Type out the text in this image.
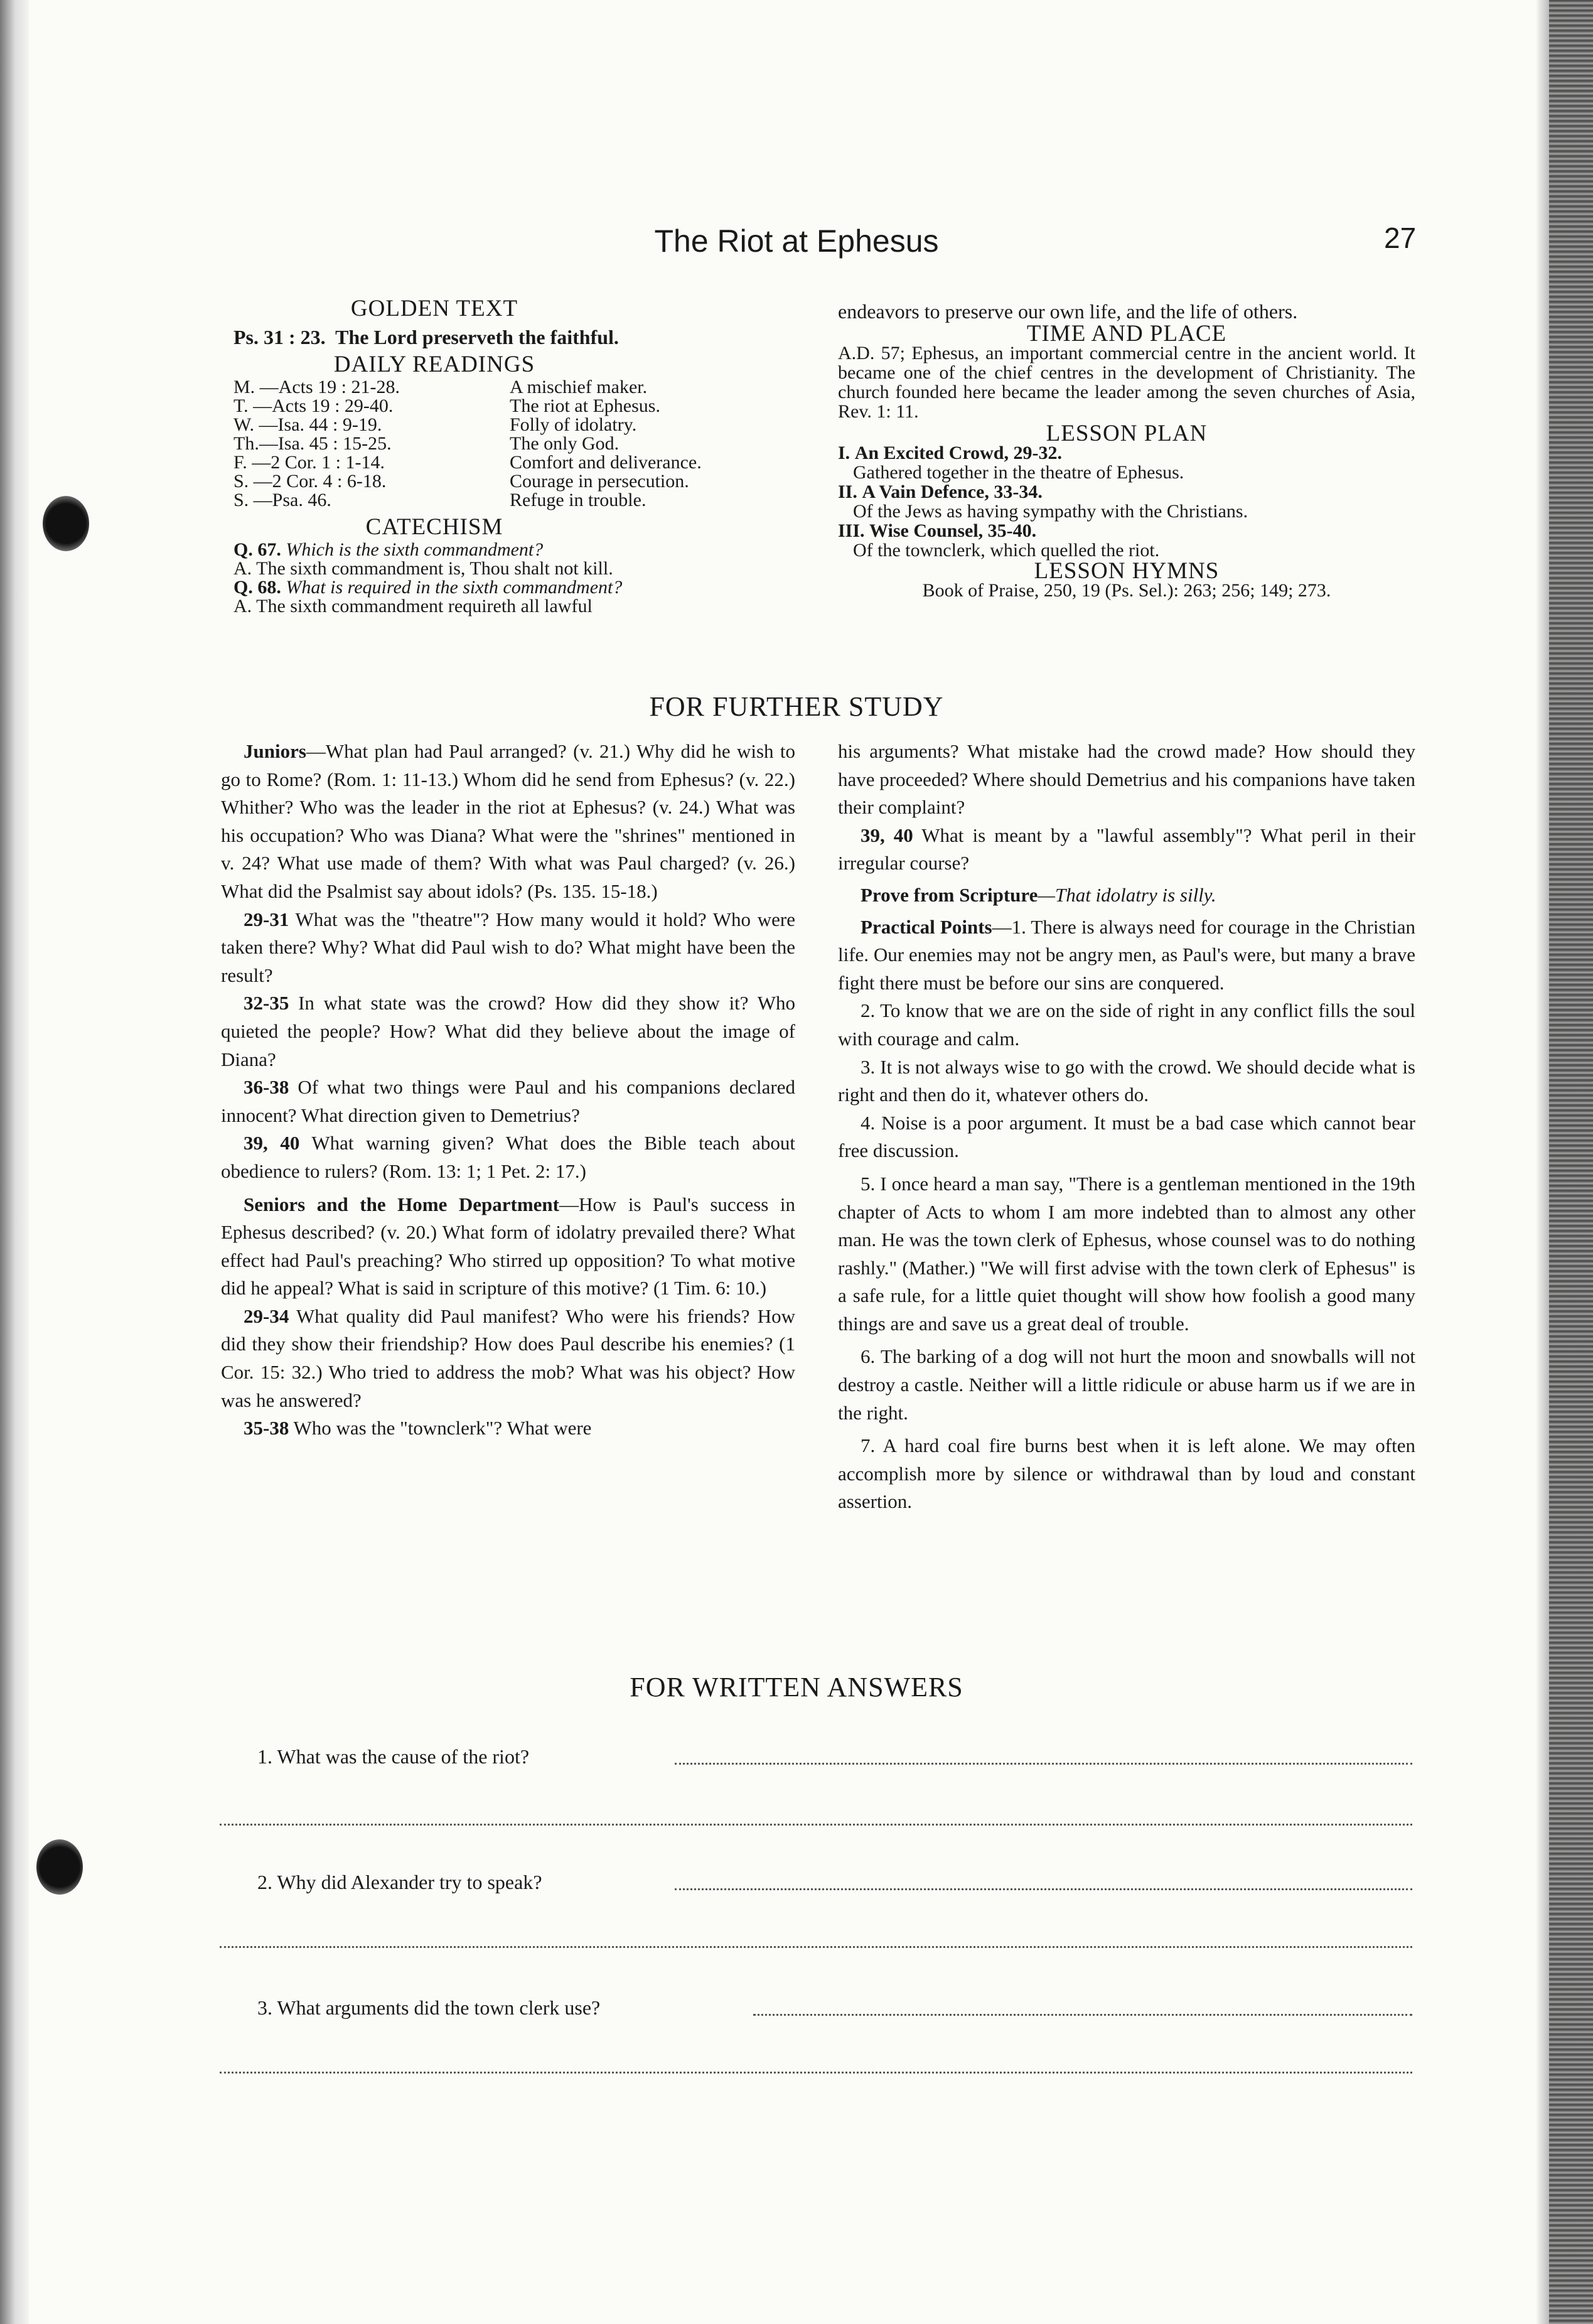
The Riot at Ephesus	27
GOLDEN TEXT
Ps. 31 : 23. The Lord preserveth the faithful.
DAILY READINGS
M. —Acts 19 : 21-28.	A mischief maker.
T. —Acts 19 : 29-40.	The riot at Ephesus.
W. —Isa. 44 : 9-19.	Folly of idolatry.
Th.—Isa. 45 : 15-25.	The only God.
F. —2 Cor. 1 : 1-14.	Comfort and deliverance.
S. —2 Cor. 4 : 6-18.	Courage in persecution.
S. —Psa. 46.	Refuge in trouble.
CATECHISM
Q. 67. Which is the sixth commandment?
A. The sixth commandment is, Thou shalt not kill.
Q. 68. What is required in the sixth commandment?
A. The sixth commandment requireth all lawful
endeavors to preserve our own life, and the life of others.
TIME AND PLACE
A.D. 57; Ephesus, an important commercial centre in the ancient world. It became one of the chief centres in the development of Christianity. The church founded here became the leader among the seven churches of Asia, Rev. 1: 11.
LESSON PLAN
I. An Excited Crowd, 29-32.
Gathered together in the theatre of Ephesus.
II. A Vain Defence, 33-34.
Of the Jews as having sympathy with the Christians.
III. Wise Counsel, 35-40.
Of the townclerk, which quelled the riot.
LESSON HYMNS
Book of Praise, 250, 19 (Ps. Sel.): 263; 256; 149; 273.
FOR FURTHER STUDY

Juniors—What plan had Paul arranged? (v. 21.) Why did he wish to go to Rome? (Rom. 1: 11-13.) Whom did he send from Ephesus? (v. 22.) Whither? Who was the leader in the riot at Ephesus? (v. 24.) What was his occupation? Who was Diana? What were the "shrines" mentioned in v. 24? What use made of them? With what was Paul charged? (v. 26.) What did the Psalmist say about idols? (Ps. 135. 15-18.)

29-31 What was the "theatre"? How many would it hold? Who were taken there? Why? What did Paul wish to do? What might have been the result?

32-35 In what state was the crowd? How did they show it? Who quieted the people? How? What did they believe about the image of Diana?

36-38 Of what two things were Paul and his companions declared innocent? What direction given to Demetrius?

39, 40 What warning given? What does the Bible teach about obedience to rulers? (Rom. 13: 1; 1 Pet. 2: 17.)

Seniors and the Home Department—How is Paul's success in Ephesus described? (v. 20.) What form of idolatry prevailed there? What effect had Paul's preaching? Who stirred up opposition? To what motive did he appeal? What is said in scripture of this motive? (1 Tim. 6: 10.)

29-34 What quality did Paul manifest? Who were his friends? How did they show their friendship? How does Paul describe his enemies? (1 Cor. 15: 32.) Who tried to address the mob? What was his object? How was he answered?

35-38 Who was the "townclerk"? What were

his arguments? What mistake had the crowd made? How should they have proceeded? Where should Demetrius and his companions have taken their complaint?

39, 40 What is meant by a "lawful assembly"? What peril in their irregular course?

Prove from Scripture—That idolatry is silly.

Practical Points—1. There is always need for courage in the Christian life. Our enemies may not be angry men, as Paul's were, but many a brave fight there must be before our sins are conquered.

2. To know that we are on the side of right in any conflict fills the soul with courage and calm.

3. It is not always wise to go with the crowd. We should decide what is right and then do it, whatever others do.

4. Noise is a poor argument. It must be a bad case which cannot bear free discussion.

5. I once heard a man say, "There is a gentleman mentioned in the 19th chapter of Acts to whom I am more indebted than to almost any other man. He was the town clerk of Ephesus, whose counsel was to do nothing rashly." (Mather.) "We will first advise with the town clerk of Ephesus" is a safe rule, for a little quiet thought will show how foolish a good many things are and save us a great deal of trouble.

6. The barking of a dog will not hurt the moon and snowballs will not destroy a castle. Neither will a little ridicule or abuse harm us if we are in the right.

7. A hard coal fire burns best when it is left alone. We may often accomplish more by silence or withdrawal than by loud and constant assertion.

FOR WRITTEN ANSWERS
1. What was the cause of the riot?
2. Why did Alexander try to speak?
3. What arguments did the town clerk use?
